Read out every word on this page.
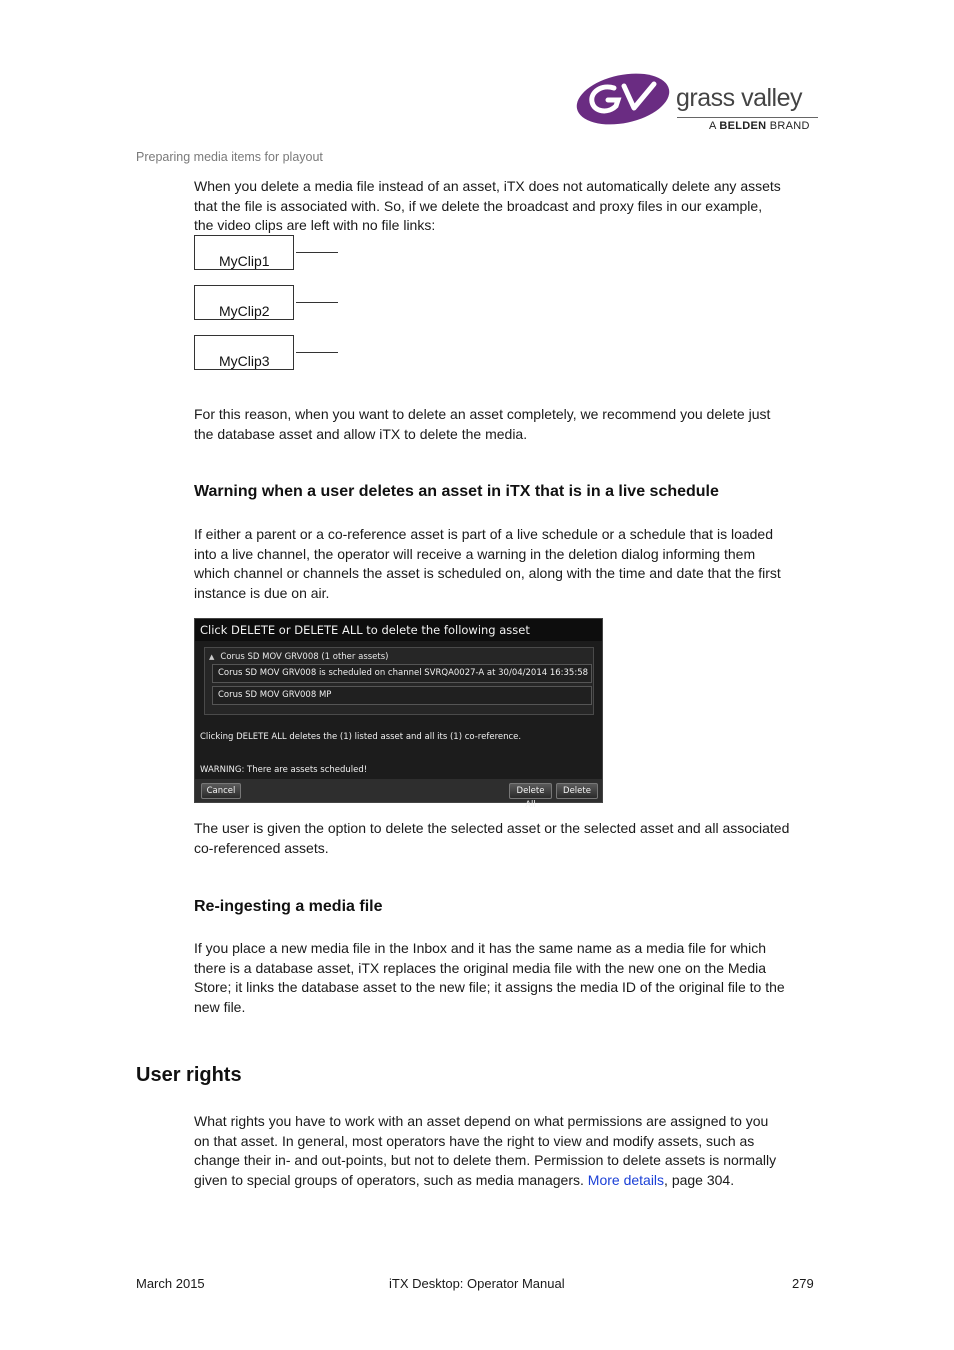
grass valley
A BELDEN BRAND
Preparing media items for playout

When you delete a media file instead of an asset, iTX does not automatically delete any assets

that the file is associated with. So, if we delete the broadcast and proxy files in our example,

the video clips are left with no file links:

MyClip1
MyClip2
MyClip3

For this reason, when you want to delete an asset completely, we recommend you delete just

the database asset and allow iTX to delete the media.

Warning when a user deletes an asset in iTX that is in a live schedule

If either a parent or a co-reference asset is part of a live schedule or a schedule that is loaded

into a live channel, the operator will receive a warning in the deletion dialog informing them

which channel or channels the asset is scheduled on, along with the time and date that the first

instance is due on air.

Click DELETE or DELETE ALL to delete the following asset
▲ Corus SD MOV GRV008 (1 other assets)
Corus SD MOV GRV008 is scheduled on channel SVRQA0027-A at 30/04/2014 16:35:58
Corus SD MOV GRV008 MP
Clicking DELETE ALL deletes the (1) listed asset and all its (1) co-reference.
WARNING: There are assets scheduled!
Cancel	Delete All
Delete

The user is given the option to delete the selected asset or the selected asset and all associated

co-referenced assets.

Re-ingesting a media file

If you place a new media file in the Inbox and it has the same name as a media file for which

there is a database asset, iTX replaces the original media file with the new one on the Media

Store; it links the database asset to the new file; it assigns the media ID of the original file to the

new file.

User rights

What rights you have to work with an asset depend on what permissions are assigned to you

on that asset. In general, most operators have the right to view and modify assets, such as

change their in- and out-points, but not to delete them. Permission to delete assets is normally

given to special groups of operators, such as media managers. More details, page 304.

March 2015	iTX Desktop: Operator Manual	279
